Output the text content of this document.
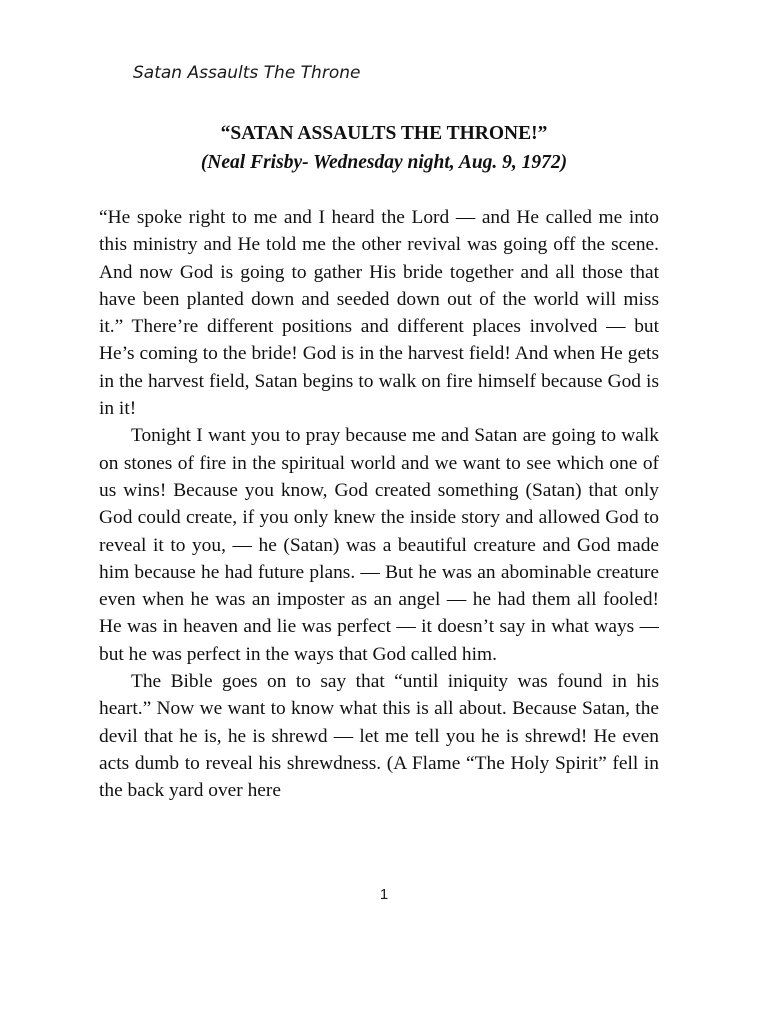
Satan Assaults The Throne
“SATAN ASSAULTS THE THRONE!”
(Neal Frisby- Wednesday night, Aug. 9, 1972)

“He spoke right to me and I heard the Lord — and He called me into this ministry and He told me the other revival was going off the scene. And now God is going to gather His bride together and all those that have been planted down and seeded down out of the world will miss it.” There’re different positions and different places involved — but He’s coming to the bride! God is in the harvest field! And when He gets in the harvest field, Satan begins to walk on fire himself because God is in it!

Tonight I want you to pray because me and Satan are going to walk on stones of fire in the spiritual world and we want to see which one of us wins! Because you know, God created something (Satan) that only God could create, if you only knew the inside story and allowed God to reveal it to you, — he (Satan) was a beautiful creature and God made him because he had future plans. — But he was an abominable creature even when he was an imposter as an angel — he had them all fooled! He was in heaven and lie was perfect — it doesn’t say in what ways — but he was perfect in the ways that God called him.

The Bible goes on to say that “until iniquity was found in his heart.” Now we want to know what this is all about. Because Satan, the devil that he is, he is shrewd — let me tell you he is shrewd! He even acts dumb to reveal his shrewdness. (A Flame “The Holy Spirit” fell in the back yard over here

1
